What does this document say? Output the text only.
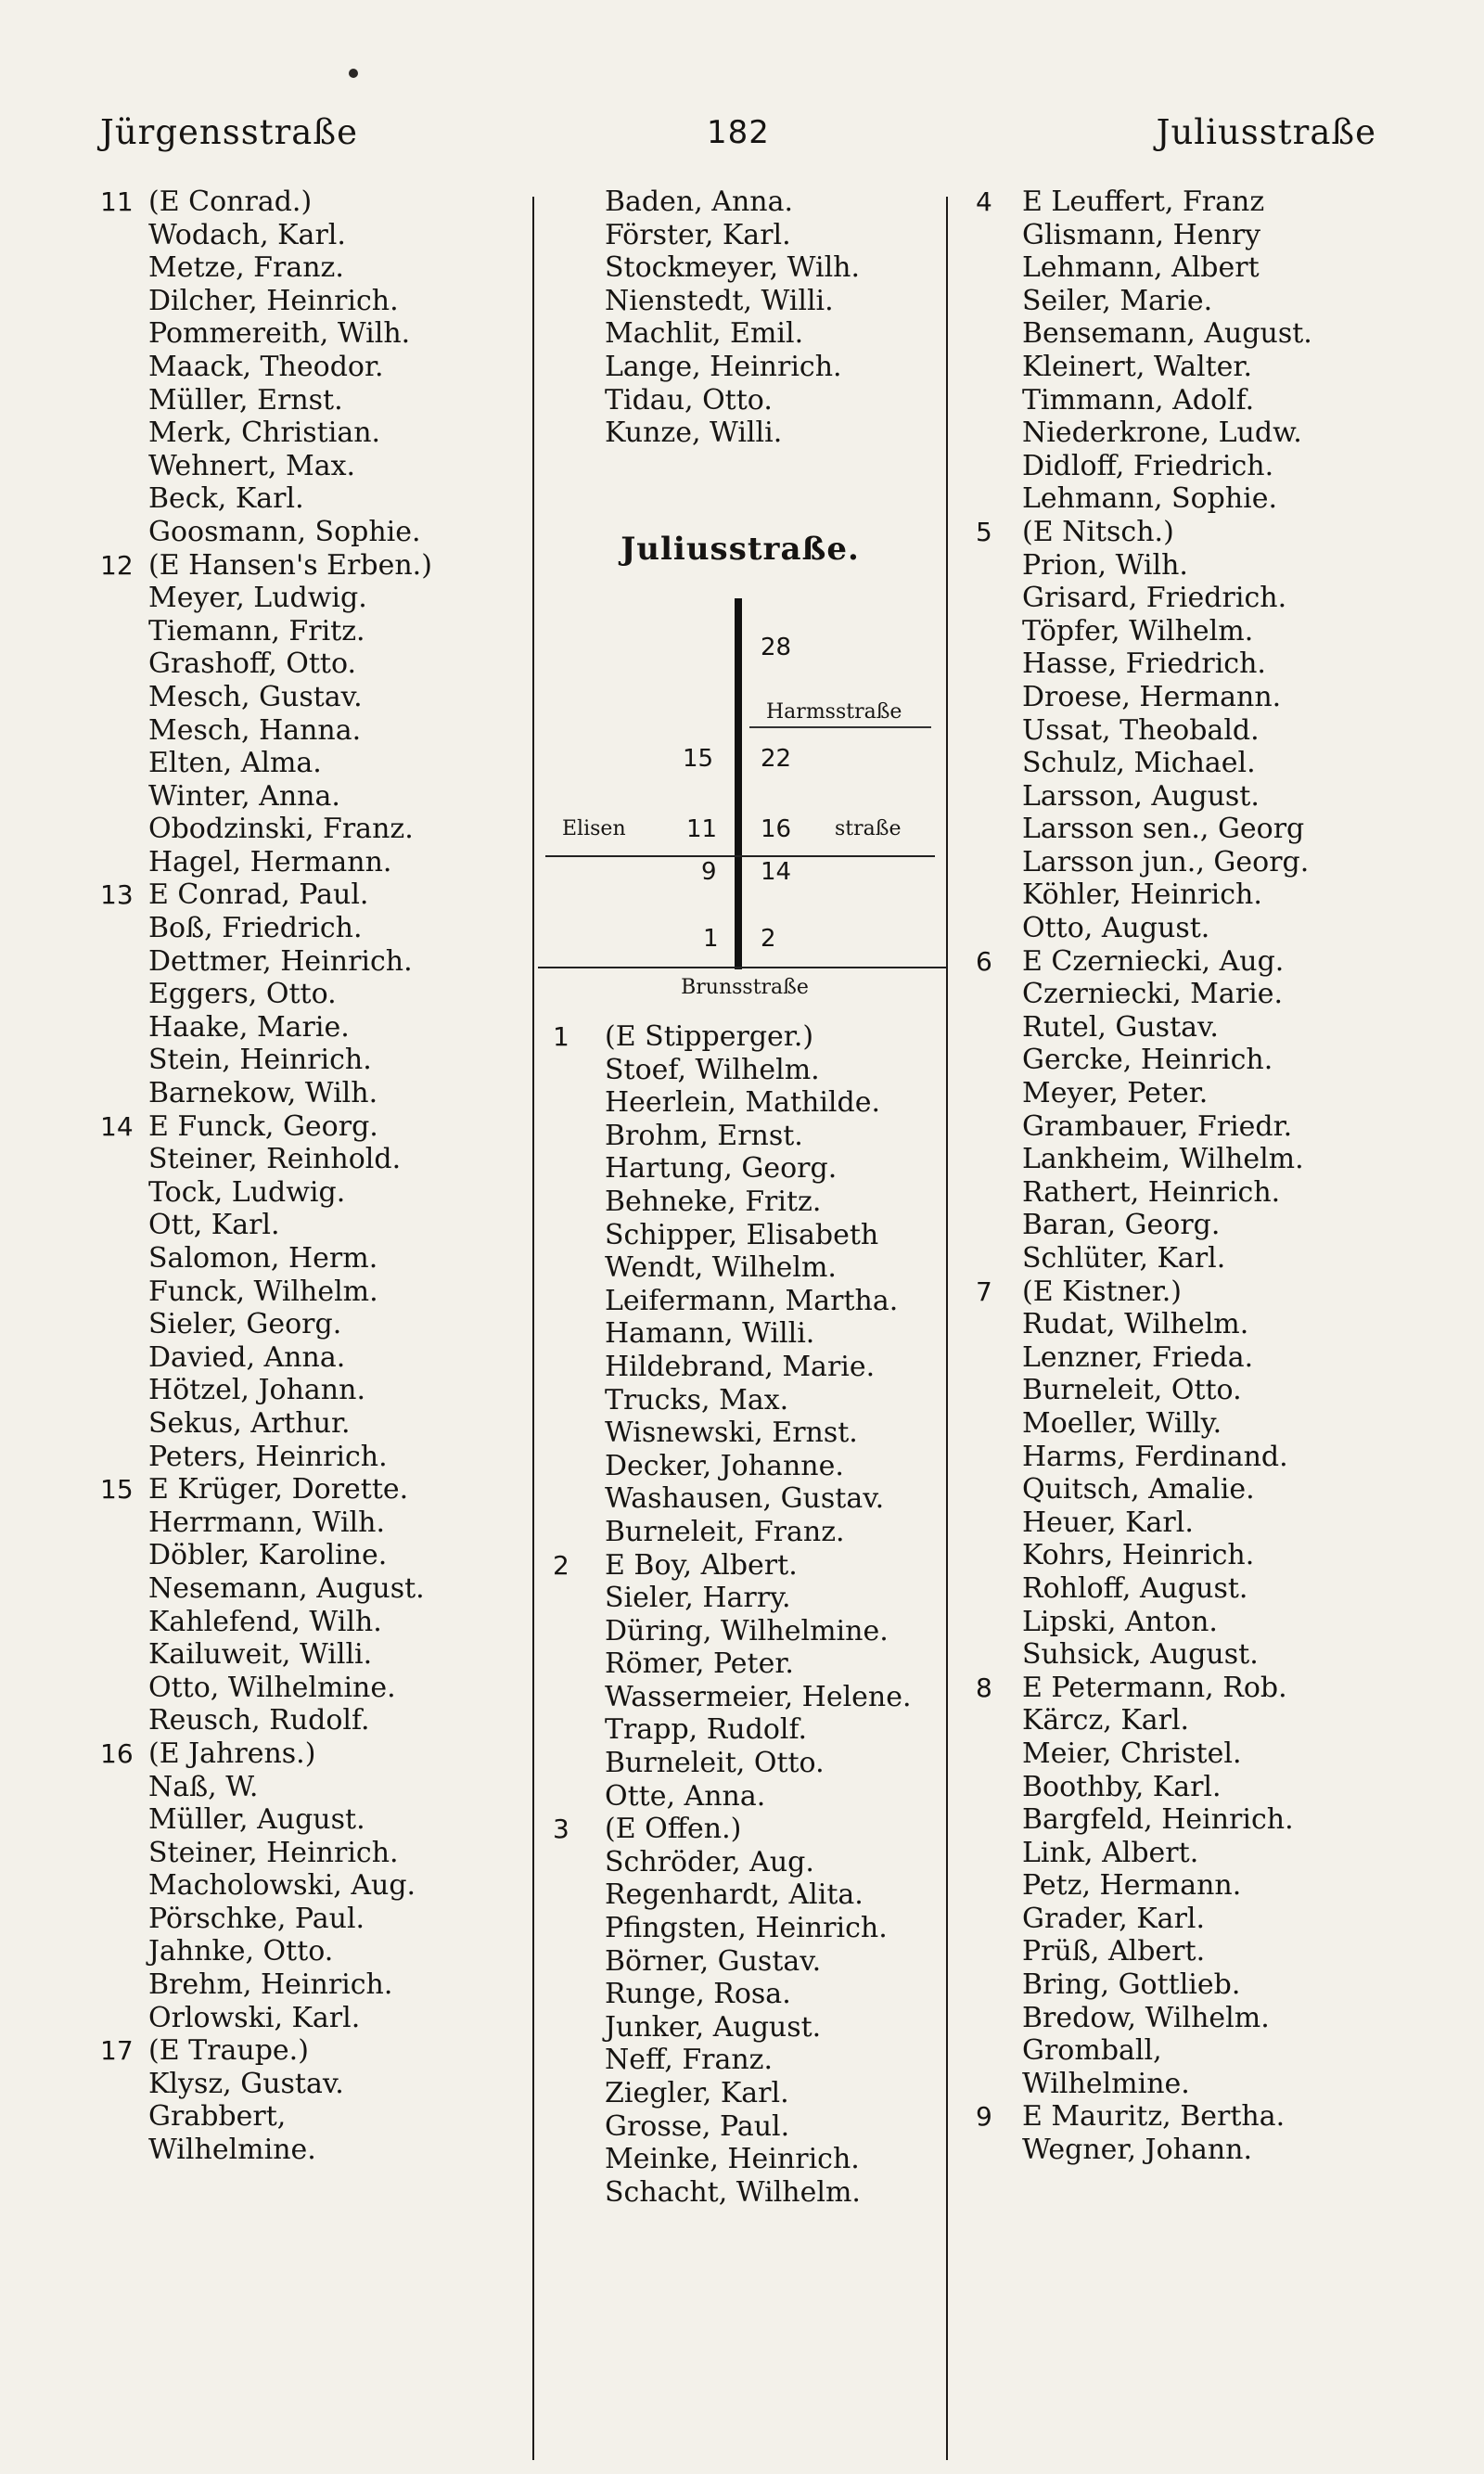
Jürgensstraße	182	Juliusstraße
11 (E Conrad.)
Wodach, Karl.
Metze, Franz.
Dilcher, Heinrich.
Pommereith, Wilh.
Maack, Theodor.
Müller, Ernst.
Merk, Christian.
Wehnert, Max.
Beck, Karl.
Goosmann, Sophie.
12 (E Hansen's Erben.)
Meyer, Ludwig.
Tiemann, Fritz.
Grashoff, Otto.
Mesch, Gustav.
Mesch, Hanna.
Elten, Alma.
Winter, Anna.
Obodzinski, Franz.
Hagel, Hermann.
13 E Conrad, Paul.
Boß, Friedrich.
Dettmer, Heinrich.
Eggers, Otto.
Haake, Marie.
Stein, Heinrich.
Barnekow, Wilh.
14 E Funck, Georg.
Steiner, Reinhold.
Tock, Ludwig.
Ott, Karl.
Salomon, Herm.
Funck, Wilhelm.
Sieler, Georg.
Davied, Anna.
Hötzel, Johann.
Sekus, Arthur.
Peters, Heinrich.
15 E Krüger, Dorette.
Herrmann, Wilh.
Döbler, Karoline.
Nesemann, August.
Kahlefend, Wilh.
Kailuweit, Willi.
Otto, Wilhelmine.
Reusch, Rudolf.
16 (E Jahrens.)
Naß, W.
Müller, August.
Steiner, Heinrich.
Macholowski, Aug.
Pörschke, Paul.
Jahnke, Otto.
Brehm, Heinrich.
Orlowski, Karl.
17 (E Traupe.)
Klysz, Gustav.
Grabbert,
Wilhelmine.
Baden, Anna.
Förster, Karl.
Stockmeyer, Wilh.
Nienstedt, Willi.
Machlit, Emil.
Lange, Heinrich.
Tidau, Otto.
Kunze, Willi.
Juliusstraße.
28
Harmsstraße
15 22
Elisen	11 16 straße
9 14
1 2
Brunsstraße
1 (E Stipperger.)
Stoef, Wilhelm.
Heerlein, Mathilde.
Brohm, Ernst.
Hartung, Georg.
Behneke, Fritz.
Schipper, Elisabeth
Wendt, Wilhelm.
Leifermann, Martha.
Hamann, Willi.
Hildebrand, Marie.
Trucks, Max.
Wisnewski, Ernst.
Decker, Johanne.
Washausen, Gustav.
Burneleit, Franz.
2 E Boy, Albert.
Sieler, Harry.
Düring, Wilhelmine.
Römer, Peter.
Wassermeier, Helene.
Trapp, Rudolf.
Burneleit, Otto.
Otte, Anna.
3 (E Offen.)
Schröder, Aug.
Regenhardt, Alita.
Pfingsten, Heinrich.
Börner, Gustav.
Runge, Rosa.
Junker, August.
Neff, Franz.
Ziegler, Karl.
Grosse, Paul.
Meinke, Heinrich.
Schacht, Wilhelm.
4 E Leuffert, Franz
Glismann, Henry
Lehmann, Albert
Seiler, Marie.
Bensemann, August.
Kleinert, Walter.
Timmann, Adolf.
Niederkrone, Ludw.
Didloff, Friedrich.
Lehmann, Sophie.
5 (E Nitsch.)
Prion, Wilh.
Grisard, Friedrich.
Töpfer, Wilhelm.
Hasse, Friedrich.
Droese, Hermann.
Ussat, Theobald.
Schulz, Michael.
Larsson, August.
Larsson sen., Georg
Larsson jun., Georg.
Köhler, Heinrich.
Otto, August.
6 E Czerniecki, Aug.
Czerniecki, Marie.
Rutel, Gustav.
Gercke, Heinrich.
Meyer, Peter.
Grambauer, Friedr.
Lankheim, Wilhelm.
Rathert, Heinrich.
Baran, Georg.
Schlüter, Karl.
7 (E Kistner.)
Rudat, Wilhelm.
Lenzner, Frieda.
Burneleit, Otto.
Moeller, Willy.
Harms, Ferdinand.
Quitsch, Amalie.
Heuer, Karl.
Kohrs, Heinrich.
Rohloff, August.
Lipski, Anton.
Suhsick, August.
8 E Petermann, Rob.
Kärcz, Karl.
Meier, Christel.
Boothby, Karl.
Bargfeld, Heinrich.
Link, Albert.
Petz, Hermann.
Grader, Karl.
Prüß, Albert.
Bring, Gottlieb.
Bredow, Wilhelm.
Gromball,
Wilhelmine.
9 E Mauritz, Bertha.
Wegner, Johann.
